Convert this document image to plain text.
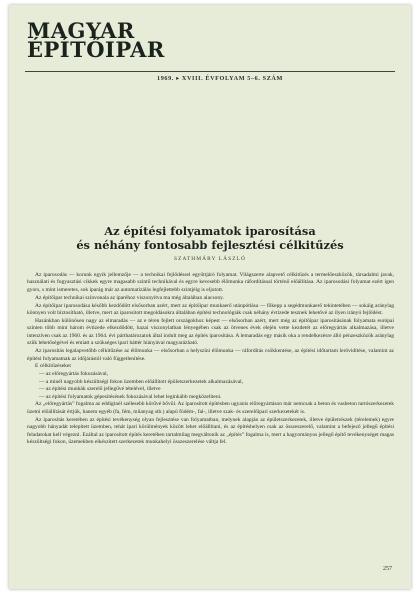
MAGYAR
ÉPÍTŐIPAR
1969. ▸ XVIII. ÉVFOLYAM 5–6. SZÁM
Az építési folyamatok iparosítása
és néhány fontosabb fejlesztési célkitűzés
SZATHMÁRY LÁSZLÓ

Az iparosodás — korunk egyik jellemzője — a technikai fejlődéssel együttjáró folyamat. Világszerte alapvető célkitűzés a termelőeszközök, társadalmi javak, használati és fogyasztási cikkek egyre magasabb szintű technikával és egyre kevesebb élőmunka ráfordítással történő előállítása. Az iparosodási folyamat ezért igen gyors, s mint ismeretes, sok iparág már az automatizálás legfejlettebb szintjéig is eljutott.

Az építőipar technikai színvonala az iparéhoz viszonyítva ma még általában alacsony.

Az építőipar iparosodása később kezdődött elsősorban azért, mert az építőipar munkaerő utánpótlása — főkepp a segédmunkaerő tekintetében — sokáig aránylag könnyen volt biztosítható, illetve, mert az iparosított megoldásokra általában építési technológiák csak néhány évtizede tesznek lehetővé az ilyen irányú fejlődést.

Hazánkban különösen nagy az elmaradás — az e téren fejlett országokhoz képest — elsősorban azért, mert még az építőipar iparosításának folyamata európai szinten több mint három évtizede elkezdődött, hazai viszonylatban lényegében csak az ötvenes évek elején vette kezdetét az előregyártás alkalmazása, illetve intenzíven csak az 1960. és az 1964. évi párthatározatok által indult meg az építés iparosítása. A lemaradás egy másik oka a rendelkezésre álló pénzeszközök aránylag szűk lehetőségével és emiatt a szükséges ipari háttér hiányával magyarázható.

Az iparosítás legalapvetőbb célkitűzése az élőmunka — elsősorban a helyszíni élőmunka — ráfordítás csökkentése, az építési időtartam lerövidítése, valamint az építési folyamatnak az időjárástól való függetlenítése.

E célkitűzéseket

— az előregyártás fokozásával,
— a minél nagyobb készültségi fokon üzemben előállított épületszerkezetek alkalmazásával,
— az építési munkák szerelő jellegűvé tételével, illetve
— az építési folyamatok gépesítésének fokozásával lehet leginkább megközelíteni.

Az „előregyártás” fogalma az eddiginél szélesebb körűvé bővül. Az iparosított építésben ugyanis előregyártáson már nemcsak a beton és vasbeton tartószerkezetek üzemi előállítását értjük, hanem egyéb (fa, fém, műanyag stb.) alapú födém-, fal-, illetve szak- és szerelőipari szerkezetekét is.

Az iparosítás keretében az építési tevékenység olyan fejlesztése van folyamatban, melynek alapján az épületszerkezetek, illetve épületrészek (térelemek) egyre nagyobb hányadát telepített üzemben, tehát ipari körülmények között lehet előállítani, és az építéshelyen csak az összeszerelő, valamint a befejező jellegű építési feladatokat kell végezni. Ezáltal az iparosított építés keretében tartalmilag megváltonik az „építés” fogalma is, mert a hagyományos jellegű építő tevékenységet magas készültségi fokon, üzemekben elkészített szerkezetek munkahelyi összeszerelése váltja fel.

257
